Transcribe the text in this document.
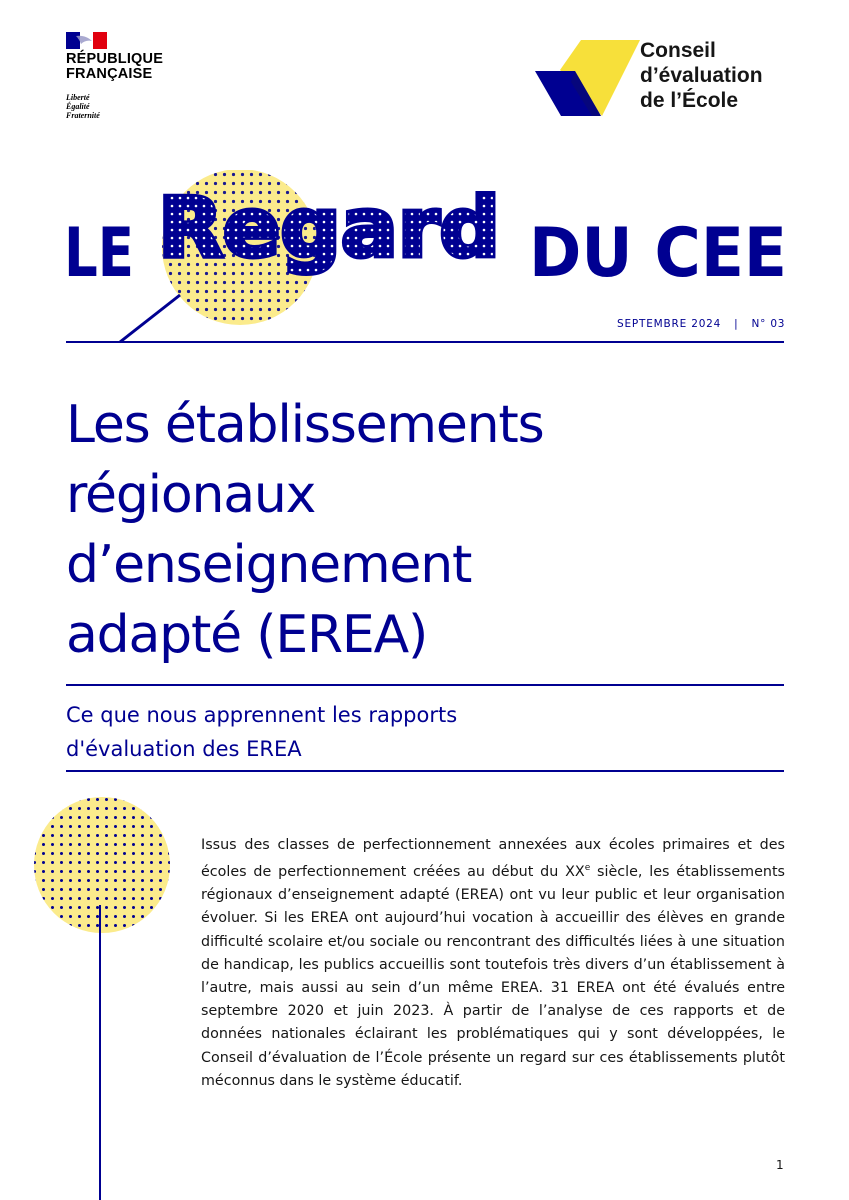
RÉPUBLIQUE
FRANÇAISE
Liberté
Égalité
Fraternité
Conseil
d’évaluation
de l’École
LE Regard DU CEE
SEPTEMBRE 2024 | N° 03
Les établissements
régionaux
d’enseignement
adapté (EREA)
Ce que nous apprennent les rapports
d'évaluation des EREA
Issus des classes de perfectionnement annexées aux écoles primaires et des écoles de perfectionnement créées au début du XXe siècle, les établissements régionaux d’enseignement adapté (EREA) ont vu leur public et leur organisation évoluer. Si les EREA ont aujourd’hui vocation à accueillir des élèves en grande difficulté scolaire et/ou sociale ou rencontrant des difficultés liées à une situation de handicap, les publics accueillis sont toutefois très divers d’un établissement à l’autre, mais aussi au sein d’un même EREA. 31 EREA ont été évalués entre septembre 2020 et juin 2023. À partir de l’analyse de ces rapports et de données nationales éclairant les problématiques qui y sont développées, le Conseil d’évaluation de l’École présente un regard sur ces établissements plutôt méconnus dans le système éducatif.
1
